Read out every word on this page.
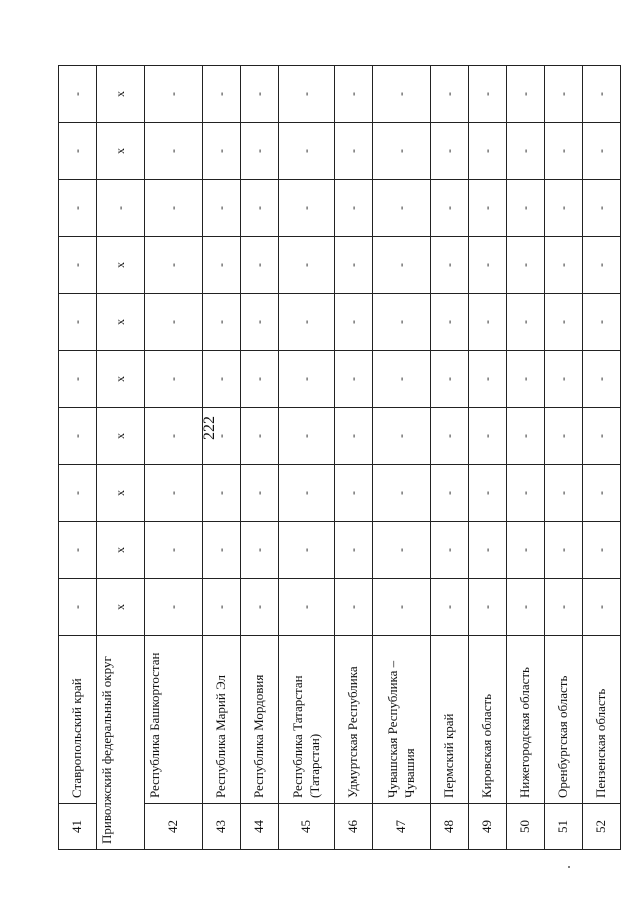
222
41	Ставропольский край	-	-	-	-	-	-	-	-	-	-
Приволжский федеральный округ		x	x	x	x	x	x	x	-	x	x
42	Республика Башкортостан	-	-	-	-	-	-	-	-	-	-
43	Республика Марий Эл	-	-	-	-	-	-	-	-	-	-
44	Республика Мордовия	-	-	-	-	-	-	-	-	-	-
45	Республика Татарстан (Татарстан)	-	-	-	-	-	-	-	-	-	-
46	Удмуртская Республика	-	-	-	-	-	-	-	-	-	-
47	Чувашская Республика – Чувашия	-	-	-	-	-	-	-	-	-	-
48	Пермский край	-	-	-	-	-	-	-	-	-	-
49	Кировская область	-	-	-	-	-	-	-	-	-	-
50	Нижегородская область	-	-	-	-	-	-	-	-	-	-
51	Оренбургская область	-	-	-	-	-	-	-	-	-	-
52	Пензенская область	-	-	-	-	-	-	-	-	-	-
